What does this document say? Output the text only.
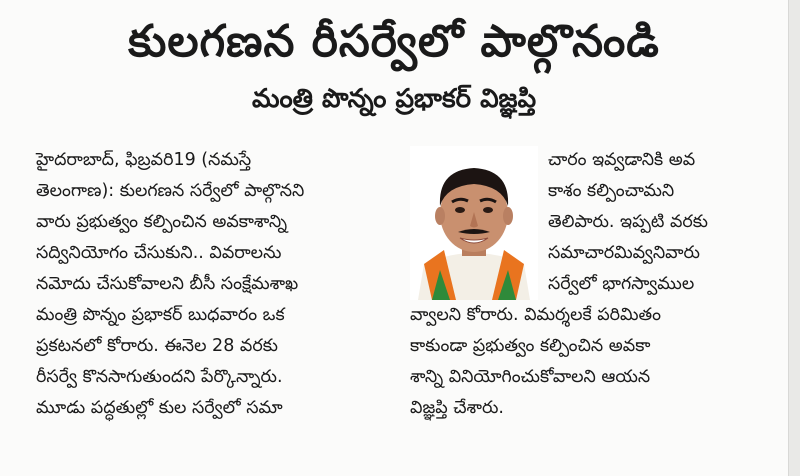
కులగణన రీసర్వేలో పాల్గొనండి
మంత్రి పొన్నం ప్రభాకర్ విజ్ఞప్తి

హైదరాబాద్, ఫిబ్రవరి19 (నమస్తే

తెలంగాణ): కులగణన సర్వేలో పాల్గొనని

వారు ప్రభుత్వం కల్పించిన అవకాశాన్ని

సద్వినియోగం చేసుకుని.. వివరాలను

నమోదు చేసుకోవాలని బీసీ సంక్షేమశాఖ

మంత్రి పొన్నం ప్రభాకర్ బుధవారం ఒక

ప్రకటనలో కోరారు. ఈనెల 28 వరకు

రీసర్వే కొనసాగుతుందని పేర్కొన్నారు.

మూడు పద్ధతుల్లో కుల సర్వేలో సమా

చారం ఇవ్వడానికి అవ

కాశం కల్పించామని

తెలిపారు. ఇప్పటి వరకు

సమాచారమివ్వనివారు

సర్వేలో భాగస్వాముల

వ్వాలని కోరారు. విమర్శలకే పరిమితం

కాకుండా ప్రభుత్వం కల్పించిన అవకా

శాన్ని వినియోగించుకోవాలని ఆయన

విజ్ఞప్తి చేశారు.
